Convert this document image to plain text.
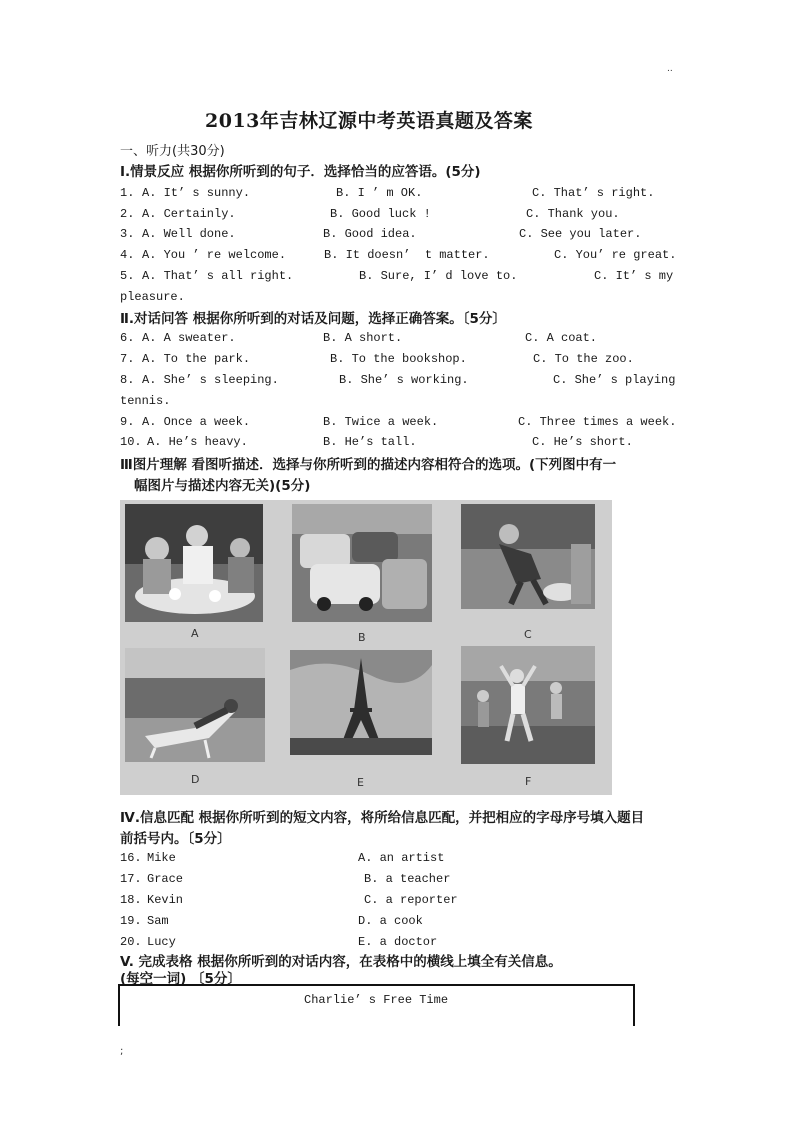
..
2013年吉林辽源中考英语真题及答案
一、听力(共30分)
I.情景反应 根据你所听到的句子．选择恰当的应答语。(5分)
1. A. It’ s sunny.	B. I ’ m OK.	C. That’ s right.
2. A. Certainly.	B. Good luck !	C. Thank you.
3. A. Well done.	B. Good idea.	C. See you later.
4. A. You ’ re welcome.	B. It doesn’  t matter.	C. You’ re great.
5. A. That’ s all right.	B. Sure, I’ d love to.	C. It’ s my
pleasure.
Ⅱ.对话问答 根据你所听到的对话及问题，选择正确答案。〔5分〕
6. A. A sweater.	B. A short.	C. A coat.
7. A. To the park.	B. To the bookshop.	C. To the zoo.
8. A. She’ s sleeping.	B. She’ s working.	C. She’ s playing
tennis.
9. A. Once a week.	B. Twice a week.	C. Three times a week.
10. A. He’s heavy.	B. He’s tall.	C. He’s short.
Ⅲ图片理解 看图听描述．选择与你所听到的描述内容相符合的选项。(下列图中有一
幅图片与描述内容无关)(5分)
A	B	C
D	E	F
Ⅳ.信息匹配 根据你所听到的短文内容，将所给信息匹配，并把相应的字母序号填入题目
前括号内。〔5分〕
16. Mike	A. an artist
17. Grace	B. a teacher
18. Kevin	C. a reporter
19. Sam	D. a cook
20. Lucy	E. a doctor
V. 完成表格 根据你所听到的对话内容，在表格中的横线上填全有关信息。
(每空一词) 〔5分〕
Charlie’ s Free Time
;
